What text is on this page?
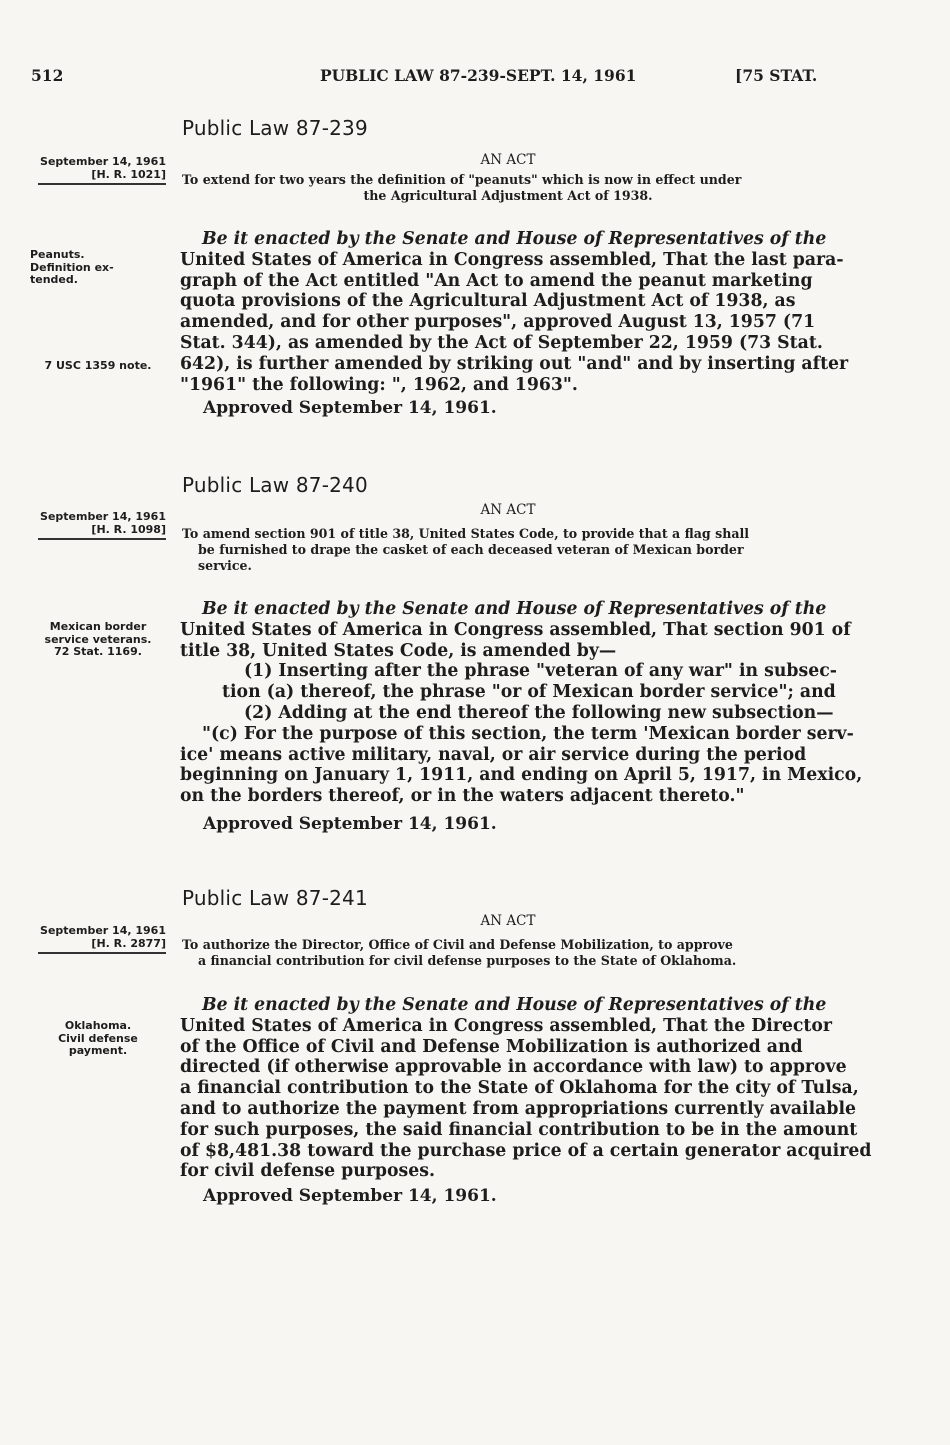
512	PUBLIC LAW 87-239-SEPT. 14, 1961	[75 STAT.
Public Law 87-239
September 14, 1961
[H. R. 1021]
AN ACT
To extend for two years the definition of "peanuts" which is now in effect under
the Agricultural Adjustment Act of 1938.
Peanuts.
Definition ex-
tended.
7 USC 1359 note.
Be it enacted by the Senate and House of Representatives of the
United States of America in Congress assembled, That the last para-
graph of the Act entitled "An Act to amend the peanut marketing
quota provisions of the Agricultural Adjustment Act of 1938, as
amended, and for other purposes", approved August 13, 1957 (71
Stat. 344), as amended by the Act of September 22, 1959 (73 Stat.
642), is further amended by striking out "and" and by inserting after
"1961" the following: ", 1962, and 1963".
Approved September 14, 1961.
Public Law 87-240
September 14, 1961
[H. R. 1098]
AN ACT
To amend section 901 of title 38, United States Code, to provide that a flag shall
be furnished to drape the casket of each deceased veteran of Mexican border
service.
Mexican border
service veterans.
72 Stat. 1169.
Be it enacted by the Senate and House of Representatives of the
United States of America in Congress assembled, That section 901 of
title 38, United States Code, is amended by—
(1) Inserting after the phrase "veteran of any war" in subsec-
tion (a) thereof, the phrase "or of Mexican border service"; and
(2) Adding at the end thereof the following new subsection—
"(c) For the purpose of this section, the term 'Mexican border serv-
ice' means active military, naval, or air service during the period
beginning on January 1, 1911, and ending on April 5, 1917, in Mexico,
on the borders thereof, or in the waters adjacent thereto."
Approved September 14, 1961.
Public Law 87-241
September 14, 1961
[H. R. 2877]
AN ACT
To authorize the Director, Office of Civil and Defense Mobilization, to approve
a financial contribution for civil defense purposes to the State of Oklahoma.
Oklahoma.
Civil defense
payment.
Be it enacted by the Senate and House of Representatives of the
United States of America in Congress assembled, That the Director
of the Office of Civil and Defense Mobilization is authorized and
directed (if otherwise approvable in accordance with law) to approve
a financial contribution to the State of Oklahoma for the city of Tulsa,
and to authorize the payment from appropriations currently available
for such purposes, the said financial contribution to be in the amount
of $8,481.38 toward the purchase price of a certain generator acquired
for civil defense purposes.
Approved September 14, 1961.
